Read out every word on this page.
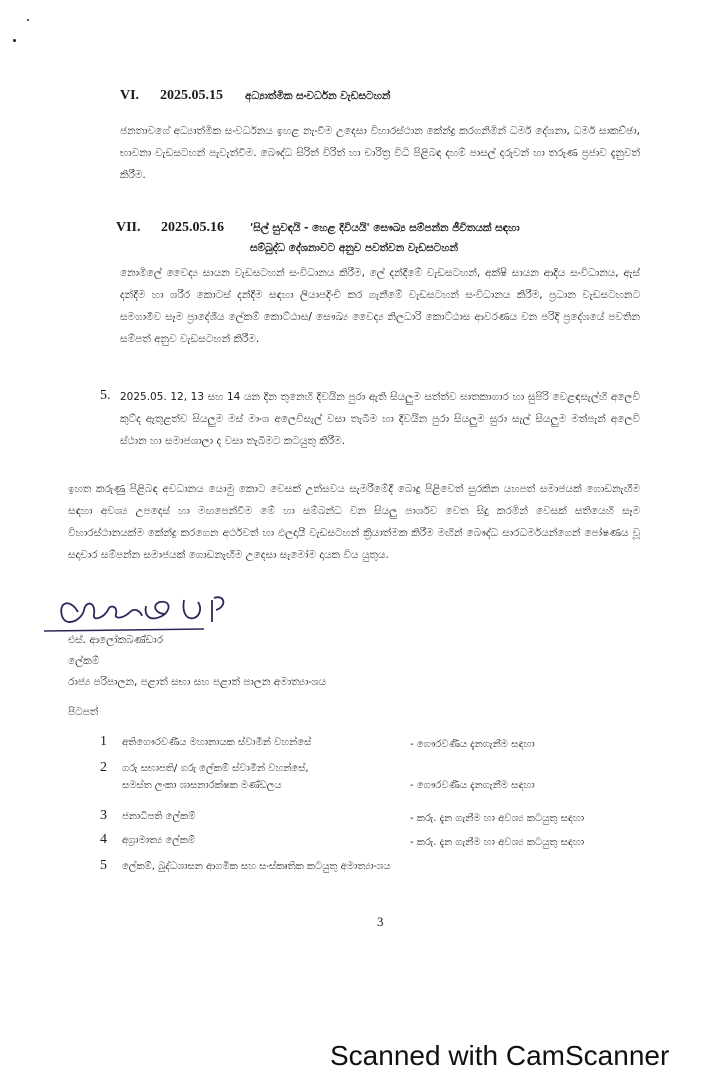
VI. 2025.05.15 අධ්‍යාත්මික සංවර්ධන වැඩසටහන්
ජනතාවගේ අධ්‍යාත්මික සංවර්ධනය ඉහළ නැංවීම උදෙසා විහාරස්ථාන කේන්ද්‍ර කරගනිමින් ධර්ම දේශනා, ධර්ම සාකච්ඡා, භාවනා වැඩසටහන් පැවැත්වීම. බෞද්ධ සිරිත් විරිත් හා චාරිත්‍ර විධි පිළිබඳ දහම් පාසල් දරුවන් හා තරුණ ප්‍රජාව දැනුවත් කිරීම.
VII. 2025.05.16 'සිල් සුවඳයි - හෙළ දිවියයි' සෞඛ්‍ය සම්පන්න ජීවිතයක් සඳහා
සම්බුද්ධ දේශනාවට අනුව පවත්වන වැඩසටහන්
නොමිලේ වෛද්‍ය සායන වැඩසටහන් සංවිධානය කිරීම, ලේ දන්දීමේ වැඩසටහන්, අක්ෂි සායන ආදිය සංවිධානය, ඇස් දන්දීම හා ශරීර කොටස් දන්දීම සඳහා ලියාපදිංචි කර ගැනීමේ වැඩසටහන් සංවිධානය කිරීම, ප්‍රධාන වැඩසටහනට සමගාමීව සෑම ප්‍රාදේශීය ලේකම් කොට්ඨාස/ සෞඛ්‍ය වෛද්‍ය නිලධාරි කොට්ඨාස ආවරණය වන පරිදි ප්‍රදේශයේ පවතින සම්පත් අනුව වැඩසටහන් කිරීම.
5. 2025.05. 12, 13 සහ 14 යන දින තුනෙහි දිවයින පුරා ඇති සියලුම සත්ත්ව ඝාතකාගාර හා සුපිරි වෙළඳසැල්හි අලෙවි කුට්ද ඇතුළත්ව සියලුම මස් මාංශ අලෙවිසැල් වසා තැබීම හා දිවයින පුරා සියලුම සුරා සැල් සියලුම මත්පැන් අලෙවි ස්ථාන හා සමාජශාලා ද වසා තැබීමට කටයුතු කිරීම.
ඉහත කරුණු පිළිබඳ අවධානය යොමු කොට වෙසක් උත්සවය සැමරීමේදී බොදු පිළිවෙත් සුරකින යහපත් සමාජයක් ගොඩනැඟීම සඳහා අවශ්‍ය උපදෙස් හා මඟපෙන්වීම මේ හා සම්බන්ධ වන සියලු පාර්ශව වෙත සිදු කරමින් වෙසක් සතියෙහි සෑම විහාරස්ථානයක්ම කේන්ද්‍ර කරගෙන අර්ථවත් හා ඵලදායී වැඩසටහන් ක්‍රියාත්මක කිරීම මඟින් බෞද්ධ සාරධර්මයන්ගෙන් පෝෂණය වූ සදාචාර සම්පන්න සමාජයක් ගොඩනැඟීම උදෙසා සැමෝම දායක විය යුතුය.
එස්. ආලෝකබණ්ඩාර
ලේකම්
රාජ්‍ය පරිපාලන, පළාත් සභා සහ පළාත් පාලන අමාත්‍යාංශය
පිටපත්
1 අතිගෞරවණීය මහානායක ස්වාමීන් වහන්සේ	- ගෞරවණීය දැනගැනීම සඳහා
2 ගරු සභාපති/ ගරු ලේකම් ස්වාමීන් වහන්සේ,
සමස්ත ලංකා ශාසනාරක්ෂක මණ්ඩලය	- ගෞරවණීය දැනගැනීම සඳහා
3 ජනාධිපති ලේකම්	- කරු. දැන ගැනීම හා අවශ්‍ය කටයුතු සඳහා
4 අග්‍රාමාත්‍ය ලේකම්	- කරු. දැන ගැනීම හා අවශ්‍ය කටයුතු සඳහා
5 ලේකම්, බුද්ධශාසන ආගමික සහ සංස්කෘතික කටයුතු අමාත්‍යාංශය
3
Scanned with CamScanner
